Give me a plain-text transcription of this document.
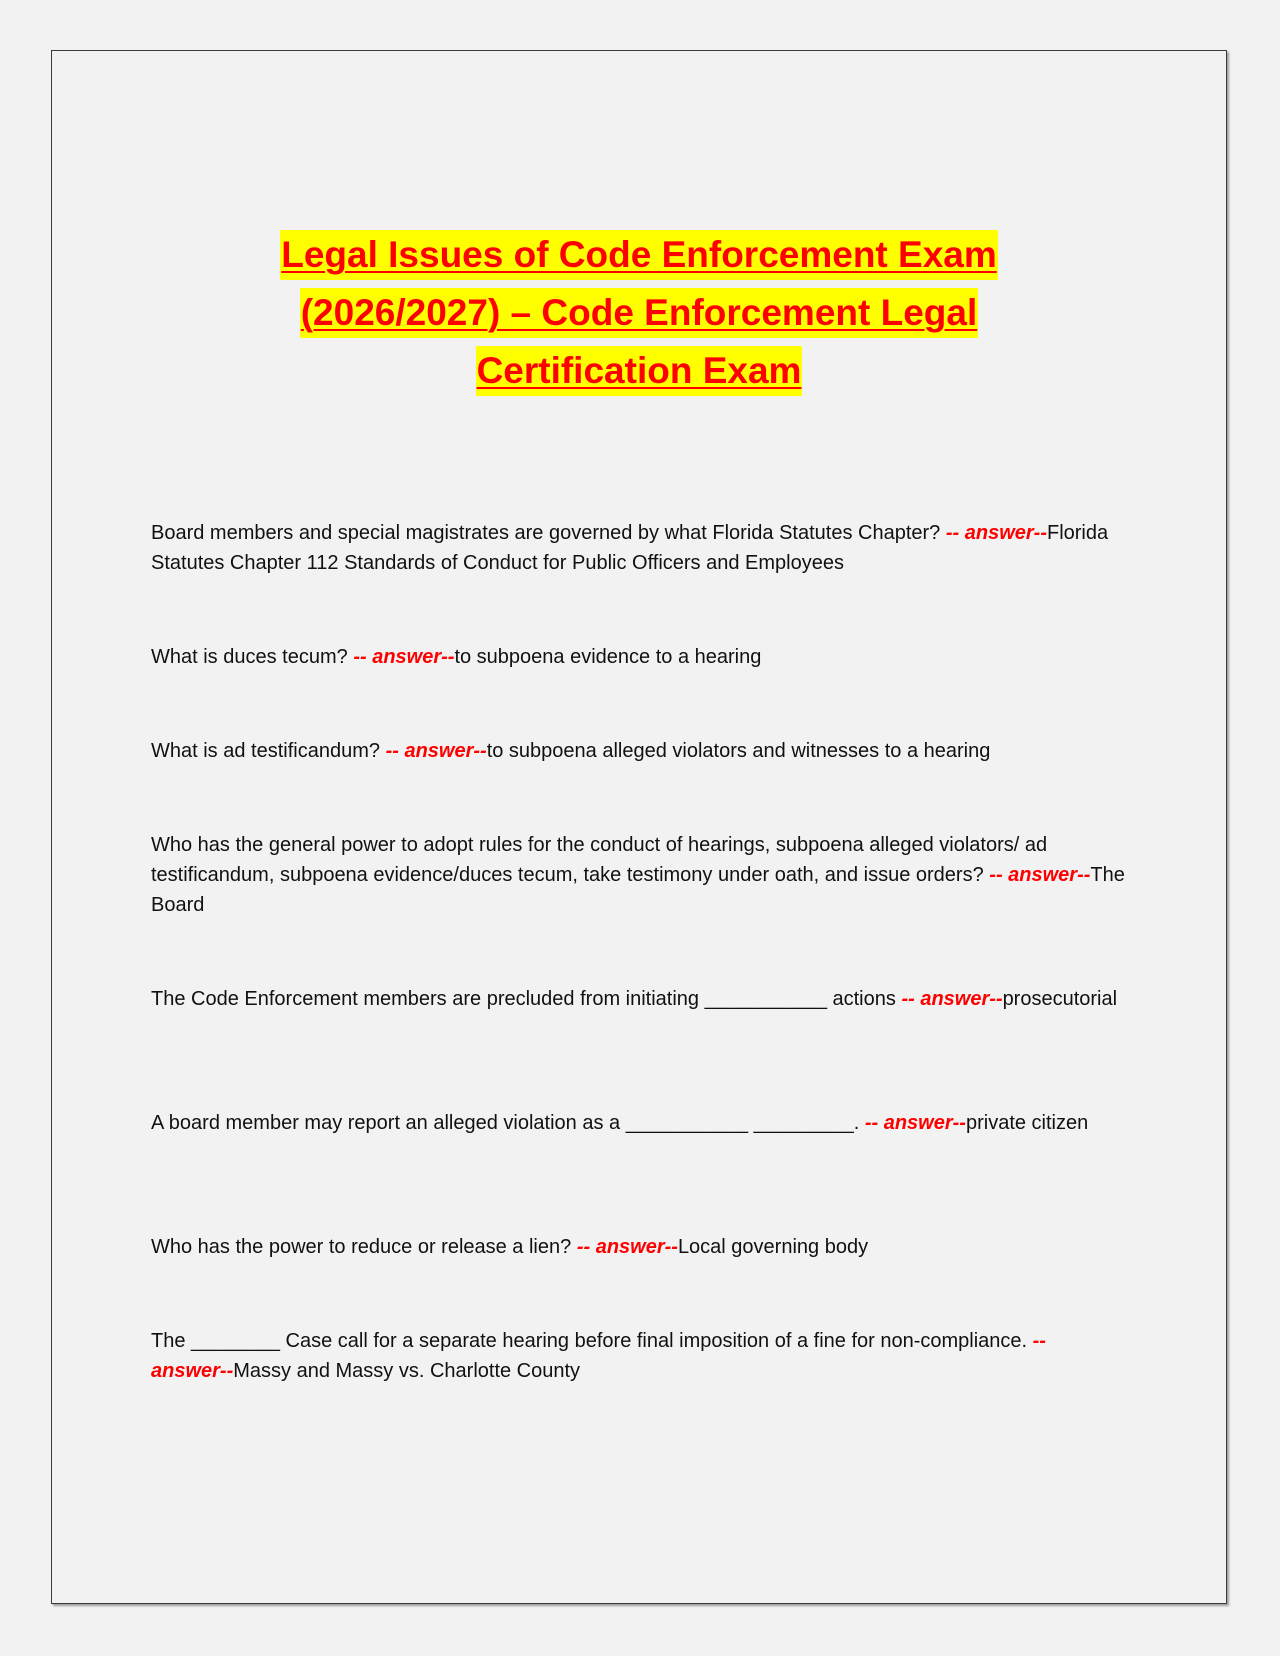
Legal Issues of Code Enforcement Exam
(2026/2027) – Code Enforcement Legal
Certification Exam
Board members and special magistrates are governed by what Florida Statutes Chapter? -- answer--Florida Statutes Chapter 112 Standards of Conduct for Public Officers and Employees
What is duces tecum? -- answer--to subpoena evidence to a hearing
What is ad testificandum? -- answer--to subpoena alleged violators and witnesses to a hearing
Who has the general power to adopt rules for the conduct of hearings, subpoena alleged violators/ ad testificandum, subpoena evidence/duces tecum, take testimony under oath, and issue orders? -- answer--The Board
The Code Enforcement members are precluded from initiating ___________ actions -- answer--prosecutorial
A board member may report an alleged violation as a ___________ _________. -- answer--private citizen
Who has the power to reduce or release a lien? -- answer--Local governing body
The ________ Case call for a separate hearing before final imposition of a fine for non-compliance. -- answer--Massy and Massy vs. Charlotte County
